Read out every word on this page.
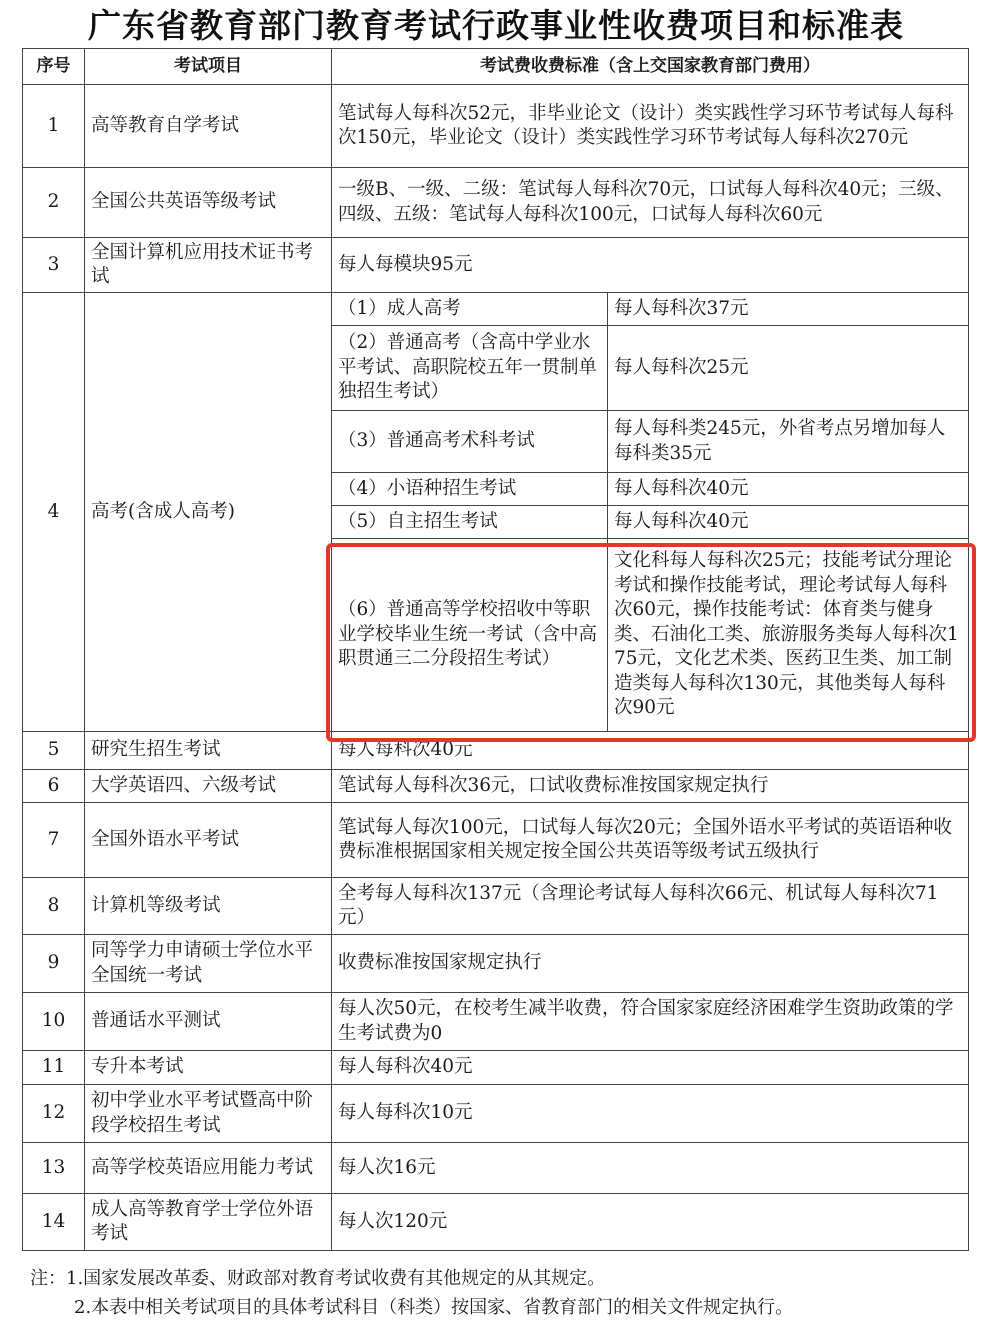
广东省教育部门教育考试行政事业性收费项目和标准表
序号	考试项目	考试费收费标准（含上交国家教育部门费用）	
1	高等教育自学考试	笔试每人每科次52元，非毕业论文（设计）类实践性学习环节考试每人每科次150元，毕业论文（设计）类实践性学习环节考试每人每科次270元	
2	全国公共英语等级考试	一级B、一级、二级：笔试每人每科次70元，口试每人每科次40元；三级、四级、五级：笔试每人每科次100元，口试每人每科次60元	
3	全国计算机应用技术证书考试	每人每模块95元	
4	高考(含成人高考)	（1）成人高考	每人每科次37元
		（2）普通高考（含高中学业水平考试、高职院校五年一贯制单独招生考试）	每人每科次25元
		（3）普通高考术科考试	每人每科类245元，外省考点另增加每人每科类35元
		（4）小语种招生考试	每人每科次40元
		（5）自主招生考试	每人每科次40元
		（6）普通高等学校招收中等职业学校毕业生统一考试（含中高职贯通三二分段招生考试）	文化科每人每科次25元；技能考试分理论考试和操作技能考试，理论考试每人每科次60元，操作技能考试：体育类与健身类、石油化工类、旅游服务类每人每科次175元，文化艺术类、医药卫生类、加工制造类每人每科次130元，其他类每人每科次90元
5	研究生招生考试	每人每科次40元	
6	大学英语四、六级考试	笔试每人每科次36元，口试收费标准按国家规定执行	
7	全国外语水平考试	笔试每人每次100元，口试每人每次20元；全国外语水平考试的英语语种收费标准根据国家相关规定按全国公共英语等级考试五级执行	
8	计算机等级考试	全考每人每科次137元（含理论考试每人每科次66元、机试每人每科次71元）	
9	同等学力申请硕士学位水平全国统一考试	收费标准按国家规定执行	
10	普通话水平测试	每人次50元，在校考生减半收费，符合国家家庭经济困难学生资助政策的学生考试费为0	
11	专升本考试	每人每科次40元	
12	初中学业水平考试暨高中阶段学校招生考试	每人每科次10元	
13	高等学校英语应用能力考试	每人次16元	
14	成人高等教育学士学位外语考试	每人次120元	
注：1.国家发展改革委、财政部对教育考试收费有其他规定的从其规定。
2.本表中相关考试项目的具体考试科目（科类）按国家、省教育部门的相关文件规定执行。
